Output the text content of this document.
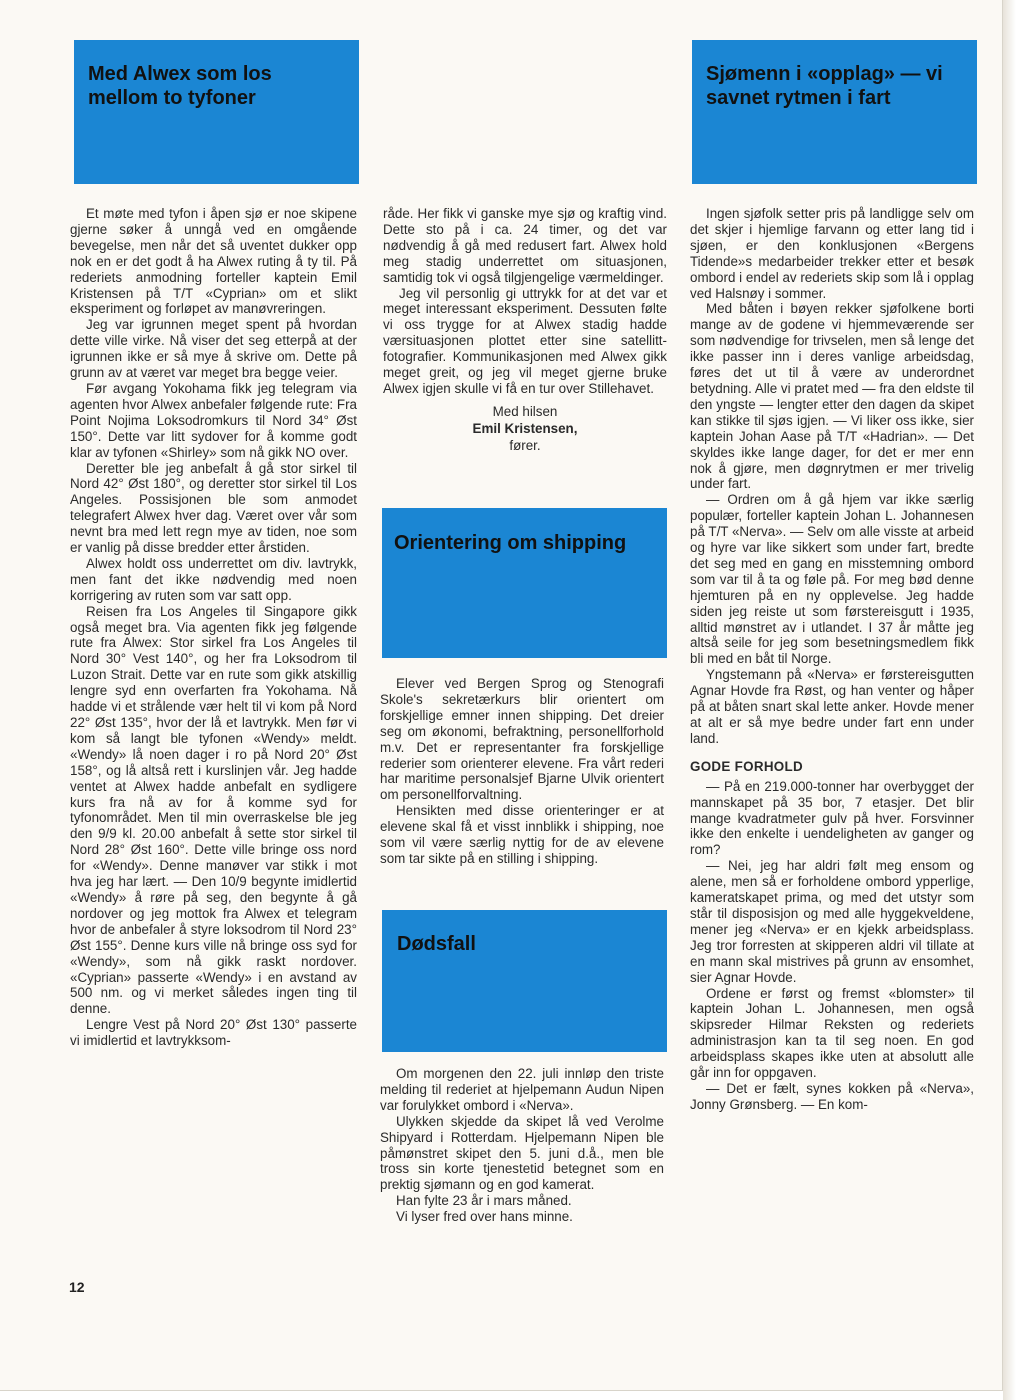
Med Alwex som los mellom to tyfoner
Sjømenn i «opplag» — vi savnet rytmen i fart
Orientering om shipping
Dødsfall

Et møte med tyfon i åpen sjø er noe skipene gjerne søker å unngå ved en omgående bevegelse, men når det så uventet dukker opp nok en er det godt å ha Alwex ruting å ty til. På rederiets anmodning forteller kaptein Emil Kristensen på T/T «Cyprian» om et slikt eksperiment og forløpet av manøvreringen.

Jeg var igrunnen meget spent på hvordan dette ville virke. Nå viser det seg etterpå at der igrunnen ikke er så mye å skrive om. Dette på grunn av at været var meget bra begge veier.

Før avgang Yokohama fikk jeg telegram via agenten hvor Alwex anbefaler følgende rute: Fra Point Nojima Loksodromkurs til Nord 34° Øst 150°. Dette var litt sydover for å komme godt klar av tyfonen «Shirley» som nå gikk NO over.

Deretter ble jeg anbefalt å gå stor sirkel til Nord 42° Øst 180°, og deretter stor sirkel til Los Angeles. Possisjonen ble som anmodet telegrafert Alwex hver dag. Været over vår som nevnt bra med lett regn mye av tiden, noe som er vanlig på disse bredder etter årstiden.

Alwex holdt oss underrettet om div. lavtrykk, men fant det ikke nødvendig med noen korrigering av ruten som var satt opp.

Reisen fra Los Angeles til Singapore gikk også meget bra. Via agenten fikk jeg følgende rute fra Alwex: Stor sirkel fra Los Angeles til Nord 30° Vest 140°, og her fra Loksodrom til Luzon Strait. Dette var en rute som gikk atskillig lengre syd enn overfarten fra Yokohama. Nå hadde vi et strålende vær helt til vi kom på Nord 22° Øst 135°, hvor der lå et lavtrykk. Men før vi kom så langt ble tyfonen «Wendy» meldt. «Wendy» lå noen dager i ro på Nord 20° Øst 158°, og lå altså rett i kurslinjen vår. Jeg hadde ventet at Alwex hadde anbefalt en sydligere kurs fra nå av for å komme syd for tyfonområdet. Men til min overraskelse ble jeg den 9/9 kl. 20.00 anbefalt å sette stor sirkel til Nord 28° Øst 160°. Dette ville bringe oss nord for «Wendy». Denne manøver var stikk i mot hva jeg har lært. — Den 10/9 begynte imidlertid «Wendy» å røre på seg, den begynte å gå nordover og jeg mottok fra Alwex et telegram hvor de anbefaler å styre loksodrom til Nord 23° Øst 155°. Denne kurs ville nå bringe oss syd for «Wendy», som nå gikk raskt nordover. «Cyprian» passerte «Wendy» i en avstand av 500 nm. og vi merket således ingen ting til denne.

Lengre Vest på Nord 20° Øst 130° passerte vi imidlertid et lavtrykksom-

råde. Her fikk vi ganske mye sjø og kraftig vind. Dette sto på i ca. 24 timer, og det var nødvendig å gå med redusert fart. Alwex hold meg stadig underrettet om situasjonen, samtidig tok vi også tilgjengelige værmeldinger.

Jeg vil personlig gi uttrykk for at det var et meget interessant eksperiment. Dessuten følte vi oss trygge for at Alwex stadig hadde værsituasjonen plottet etter sine satellitt-fotografier. Kommunikasjonen med Alwex gikk meget greit, og jeg vil meget gjerne bruke Alwex igjen skulle vi få en tur over Stillehavet.

Med hilsen
Emil Kristensen,
fører.

Elever ved Bergen Sprog og Stenografi Skole's sekretærkurs blir orientert om forskjellige emner innen shipping. Det dreier seg om økonomi, befraktning, personellforhold m.v. Det er representanter fra forskjellige rederier som orienterer elevene. Fra vårt rederi har maritime personalsjef Bjarne Ulvik orientert om personellforvaltning.

Hensikten med disse orienteringer er at elevene skal få et visst innblikk i shipping, noe som vil være særlig nyttig for de av elevene som tar sikte på en stilling i shipping.

Om morgenen den 22. juli innløp den triste melding til rederiet at hjelpemann Audun Nipen var forulykket ombord i «Nerva».

Ulykken skjedde da skipet lå ved Verolme Shipyard i Rotterdam. Hjelpemann Nipen ble påmønstret skipet den 5. juni d.å., men ble tross sin korte tjenestetid betegnet som en prektig sjømann og en god kamerat.

Han fylte 23 år i mars måned.

Vi lyser fred over hans minne.

Ingen sjøfolk setter pris på landligge selv om det skjer i hjemlige farvann og etter lang tid i sjøen, er den konklusjonen «Bergens Tidende»s medarbeider trekker etter et besøk ombord i endel av rederiets skip som lå i opplag ved Halsnøy i sommer.

Med båten i bøyen rekker sjøfolkene borti mange av de godene vi hjemmeværende ser som nødvendige for trivselen, men så lenge det ikke passer inn i deres vanlige arbeidsdag, føres det ut til å være av underordnet betydning. Alle vi pratet med — fra den eldste til den yngste — lengter etter den dagen da skipet kan stikke til sjøs igjen. — Vi liker oss ikke, sier kaptein Johan Aase på T/T «Hadrian». — Det skyldes ikke lange dager, for det er mer enn nok å gjøre, men døgnrytmen er mer trivelig under fart.

— Ordren om å gå hjem var ikke særlig populær, forteller kaptein Johan L. Johannesen på T/T «Nerva». — Selv om alle visste at arbeid og hyre var like sikkert som under fart, bredte det seg med en gang en misstemning ombord som var til å ta og føle på. For meg bød denne hjemturen på en ny opplevelse. Jeg hadde siden jeg reiste ut som førstereisgutt i 1935, alltid mønstret av i utlandet. I 37 år måtte jeg altså seile for jeg som besetningsmedlem fikk bli med en båt til Norge.

Yngstemann på «Nerva» er førstereisgutten Agnar Hovde fra Røst, og han venter og håper på at båten snart skal lette anker. Hovde mener at alt er så mye bedre under fart enn under land.

GODE FORHOLD

— På en 219.000-tonner har overbygget der mannskapet på 35 bor, 7 etasjer. Det blir mange kvadratmeter gulv på hver. Forsvinner ikke den enkelte i uendeligheten av ganger og rom?

— Nei, jeg har aldri følt meg ensom og alene, men så er forholdene ombord ypperlige, kameratskapet prima, og med det utstyr som står til disposisjon og med alle hyggekveldene, mener jeg «Nerva» er en kjekk arbeidsplass. Jeg tror forresten at skipperen aldri vil tillate at en mann skal mistrives på grunn av ensomhet, sier Agnar Hovde.

Ordene er først og fremst «blomster» til kaptein Johan L. Johannesen, men også skipsreder Hilmar Reksten og rederiets administrasjon kan ta til seg noen. En god arbeidsplass skapes ikke uten at absolutt alle går inn for oppgaven.

— Det er fælt, synes kokken på «Nerva», Jonny Grønsberg. — En kom-

12
